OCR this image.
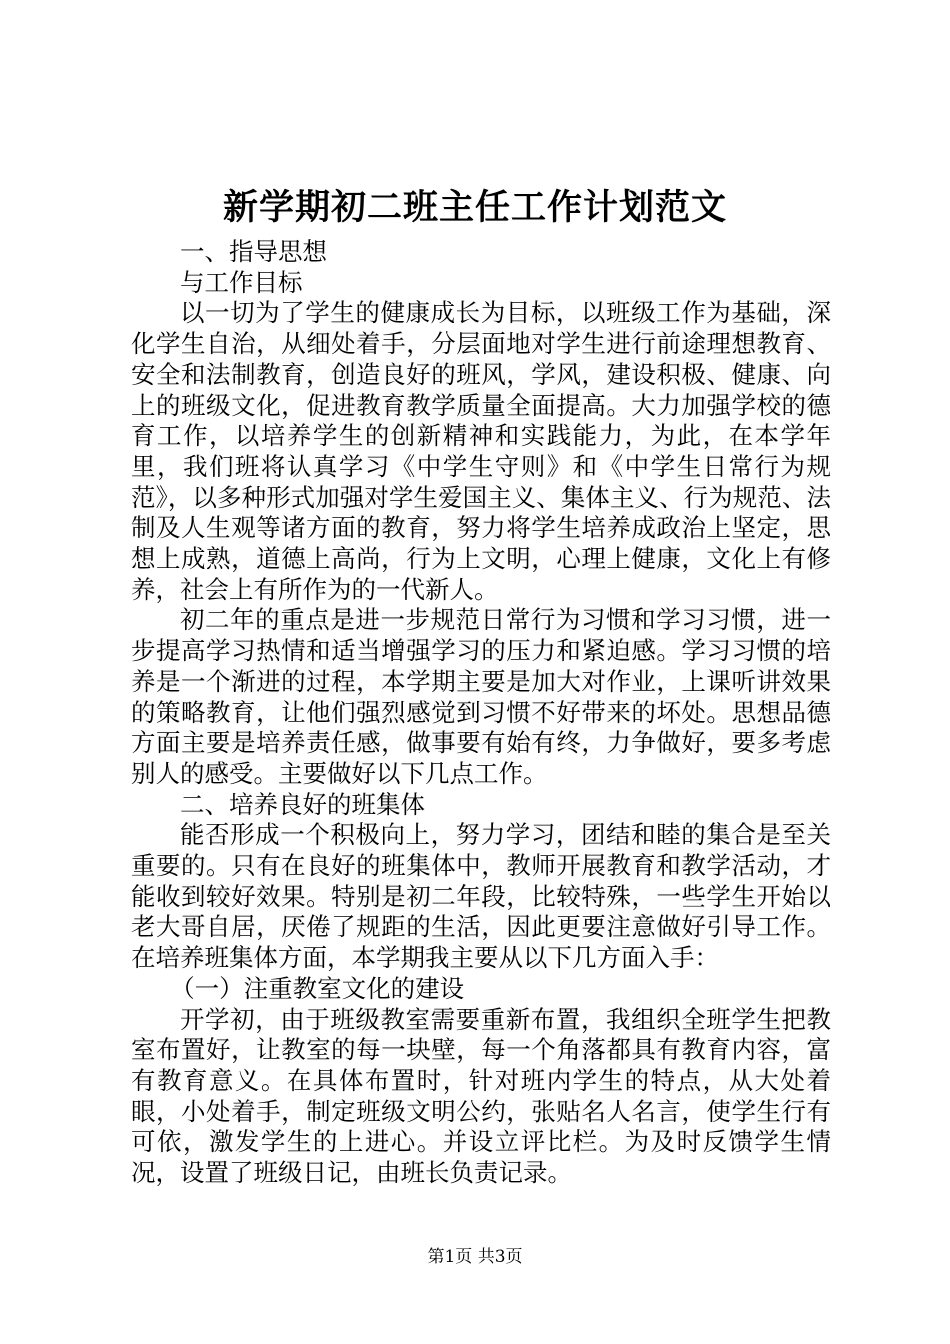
新学期初二班主任工作计划范文

一、指导思想

与工作目标

以一切为了学生的健康成长为目标，以班级工作为基础，深化学生自治，从细处着手，分层面地对学生进行前途理想教育、安全和法制教育，创造良好的班风，学风，建设积极、健康、向上的班级文化，促进教育教学质量全面提高。大力加强学校的德育工作，以培养学生的创新精神和实践能力，为此，在本学年里，我们班将认真学习《中学生守则》和《中学生日常行为规范》，以多种形式加强对学生爱国主义、集体主义、行为规范、法制及人生观等诸方面的教育，努力将学生培养成政治上坚定，思想上成熟，道德上高尚，行为上文明，心理上健康，文化上有修养，社会上有所作为的一代新人。

初二年的重点是进一步规范日常行为习惯和学习习惯，进一步提高学习热情和适当增强学习的压力和紧迫感。学习习惯的培养是一个渐进的过程，本学期主要是加大对作业，上课听讲效果的策略教育，让他们强烈感觉到习惯不好带来的坏处。思想品德方面主要是培养责任感，做事要有始有终，力争做好，要多考虑别人的感受。主要做好以下几点工作。

二、培养良好的班集体

能否形成一个积极向上，努力学习，团结和睦的集合是至关重要的。只有在良好的班集体中，教师开展教育和教学活动，才能收到较好效果。特别是初二年段，比较特殊，一些学生开始以老大哥自居，厌倦了规距的生活，因此更要注意做好引导工作。在培养班集体方面，本学期我主要从以下几方面入手：

（一）注重教室文化的建设

开学初，由于班级教室需要重新布置，我组织全班学生把教室布置好，让教室的每一块壁，每一个角落都具有教育内容，富有教育意义。在具体布置时，针对班内学生的特点，从大处着眼，小处着手，制定班级文明公约，张贴名人名言，使学生行有可依，激发学生的上进心。并设立评比栏。为及时反馈学生情况，设置了班级日记，由班长负责记录。

第1页 共3页
